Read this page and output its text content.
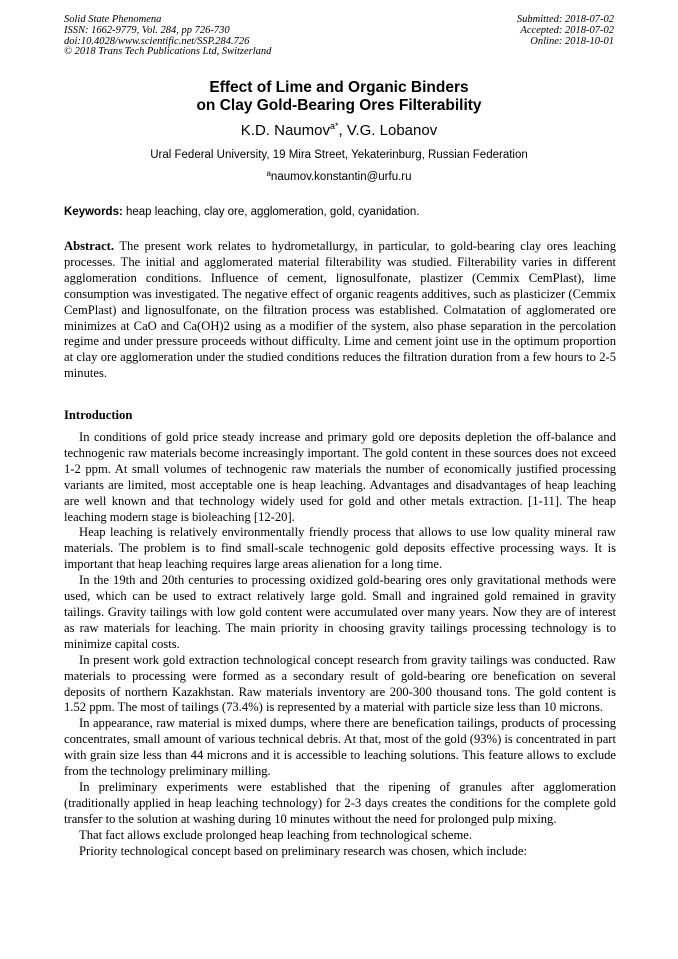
Solid State Phenomena
ISSN: 1662-9779, Vol. 284, pp 726-730
doi:10.4028/www.scientific.net/SSP.284.726
© 2018 Trans Tech Publications Ltd, Switzerland
Submitted: 2018-07-02
Accepted: 2018-07-02
Online: 2018-10-01
Effect of Lime and Organic Binders
on Clay Gold-Bearing Ores Filterability
K.D. Naumov$^{a*}$, V.G. Lobanov
Ural Federal University, 19 Mira Street, Yekaterinburg, Russian Federation
$^a$naumov.konstantin@urfu.ru
Keywords: heap leaching, clay ore, agglomeration, gold, cyanidation.
Abstract. The present work relates to hydrometallurgy, in particular, to gold-bearing clay ores leaching processes. The initial and agglomerated material filterability was studied. Filterability varies in different agglomeration conditions. Influence of cement, lignosulfonate, plastizer (Cemmix CemPlast), lime consumption was investigated. The negative effect of organic reagents additives, such as plasticizer (Cemmix CemPlast) and lignosulfonate, on the filtration process was established. Colmatation of agglomerated ore minimizes at CaO and Ca(OH)2 using as a modifier of the system, also phase separation in the percolation regime and under pressure proceeds without difficulty. Lime and cement joint use in the optimum proportion at clay ore agglomeration under the studied conditions reduces the filtration duration from a few hours to 2-5 minutes.
Introduction

In conditions of gold price steady increase and primary gold ore deposits depletion the off-balance and technogenic raw materials become increasingly important. The gold content in these sources does not exceed 1-2 ppm. At small volumes of technogenic raw materials the number of economically justified processing variants are limited, most acceptable one is heap leaching. Advantages and disadvantages of heap leaching are well known and that technology widely used for gold and other metals extraction. [1-11]. The heap leaching modern stage is bioleaching [12-20].

Heap leaching is relatively environmentally friendly process that allows to use low quality mineral raw materials. The problem is to find small-scale technogenic gold deposits effective processing ways. It is important that heap leaching requires large areas alienation for a long time.

In the 19th and 20th centuries to processing oxidized gold-bearing ores only gravitational methods were used, which can be used to extract relatively large gold. Small and ingrained gold remained in gravity tailings. Gravity tailings with low gold content were accumulated over many years. Now they are of interest as raw materials for leaching. The main priority in choosing gravity tailings processing technology is to minimize capital costs.

In present work gold extraction technological concept research from gravity tailings was conducted. Raw materials to processing were formed as a secondary result of gold-bearing ore benefication on several deposits of northern Kazakhstan. Raw materials inventory are 200-300 thousand tons. The gold content is 1.52 ppm. The most of tailings (73.4%) is represented by a material with particle size less than 10 microns.

In appearance, raw material is mixed dumps, where there are benefication tailings, products of processing concentrates, small amount of various technical debris. At that, most of the gold (93%) is concentrated in part with grain size less than 44 microns and it is accessible to leaching solutions. This feature allows to exclude from the technology preliminary milling.

In preliminary experiments were established that the ripening of granules after agglomeration (traditionally applied in heap leaching technology) for 2-3 days creates the conditions for the complete gold transfer to the solution at washing during 10 minutes without the need for prolonged pulp mixing.

That fact allows exclude prolonged heap leaching from technological scheme.

Priority technological concept based on preliminary research was chosen, which include:
